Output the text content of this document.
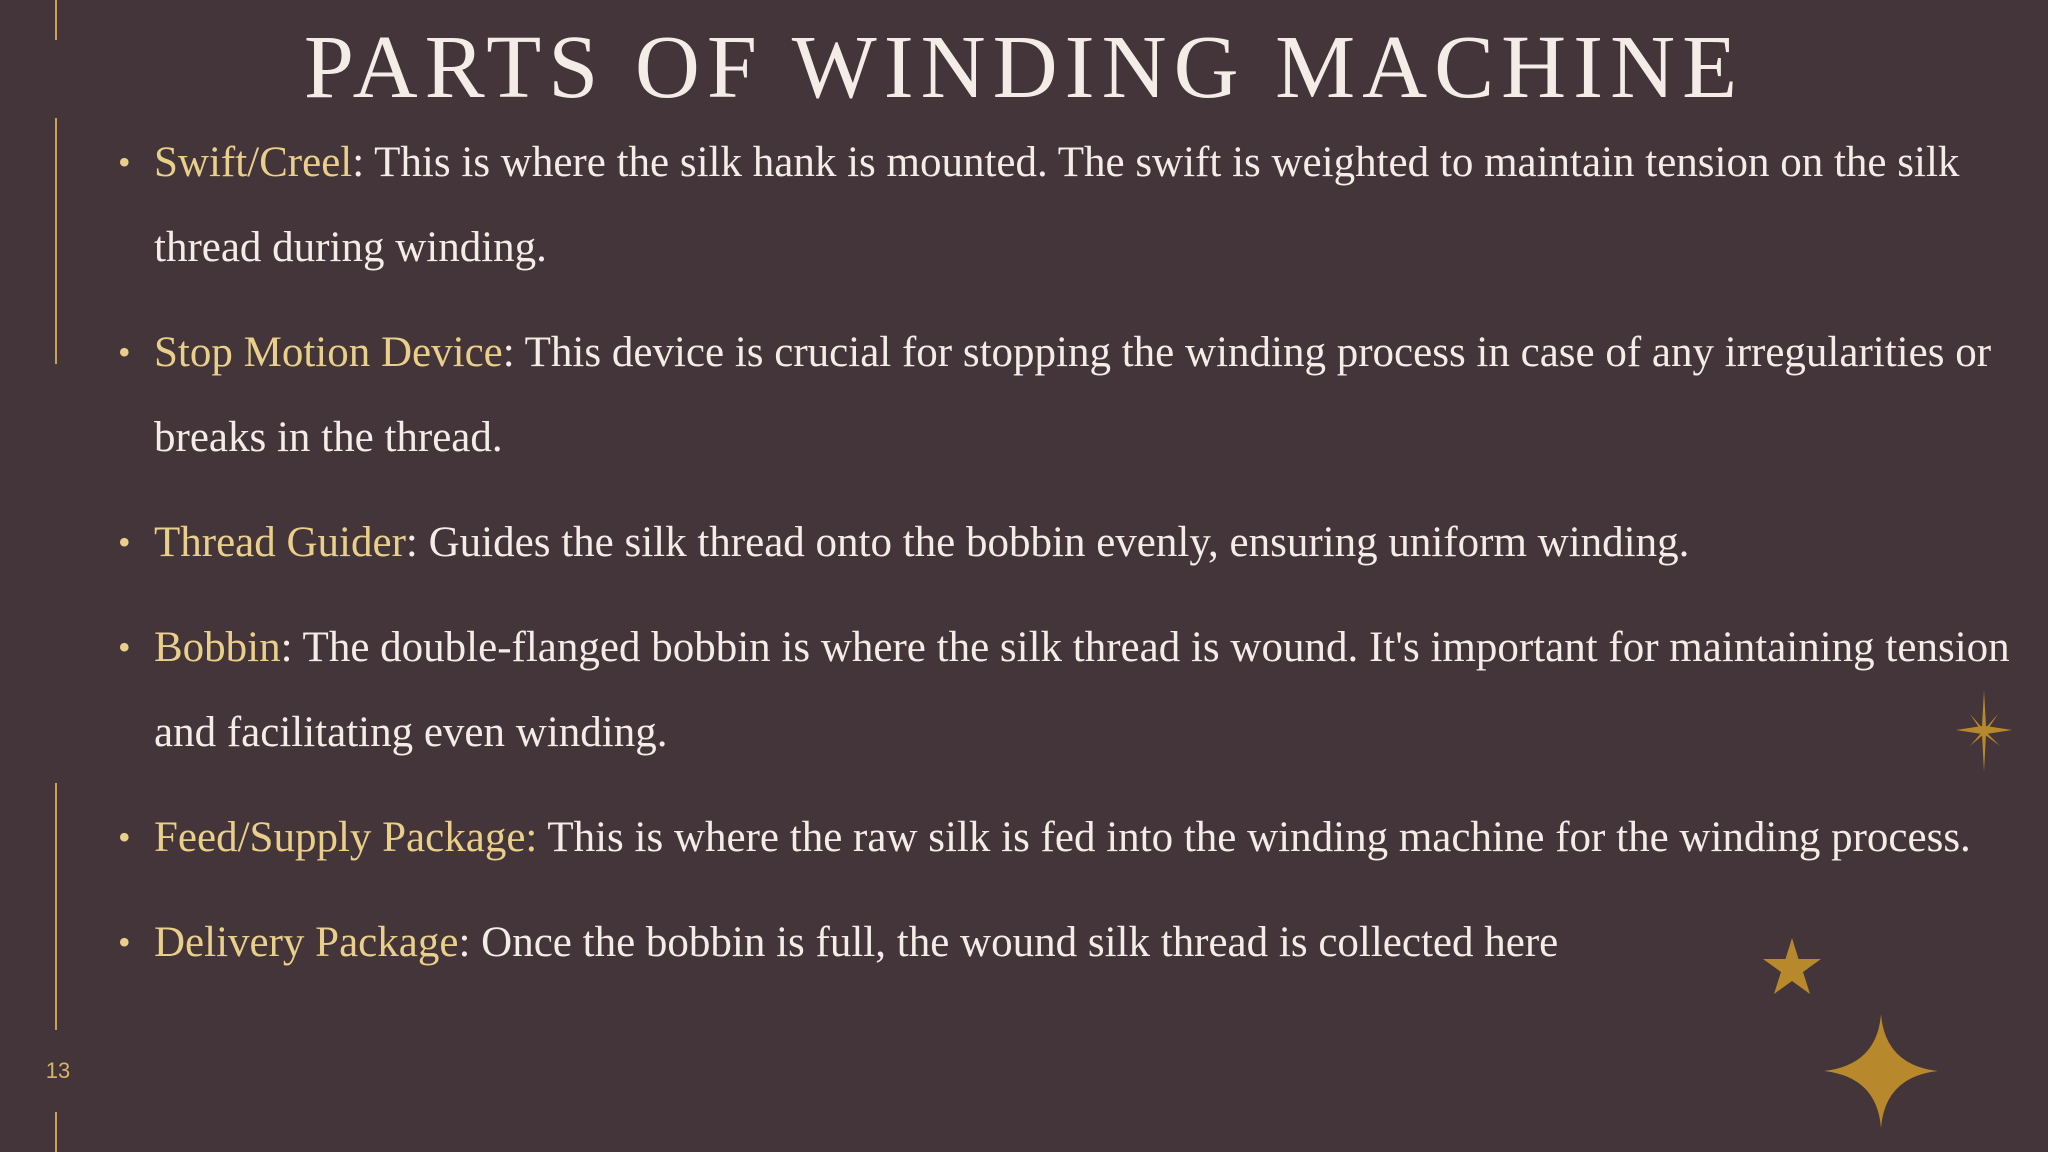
13
PARTS OF WINDING MACHINE
• Swift/Creel: This is where the silk hank is mounted. The swift is weighted to maintain tension on the silk thread during winding.
• Stop Motion Device: This device is crucial for stopping the winding process in case of any irregularities or breaks in the thread.
• Thread Guider: Guides the silk thread onto the bobbin evenly, ensuring uniform winding.
• Bobbin: The double-flanged bobbin is where the silk thread is wound. It's important for maintaining tension and facilitating even winding.
• Feed/Supply Package: This is where the raw silk is fed into the winding machine for the winding process.
• Delivery Package: Once the bobbin is full, the wound silk thread is collected here
